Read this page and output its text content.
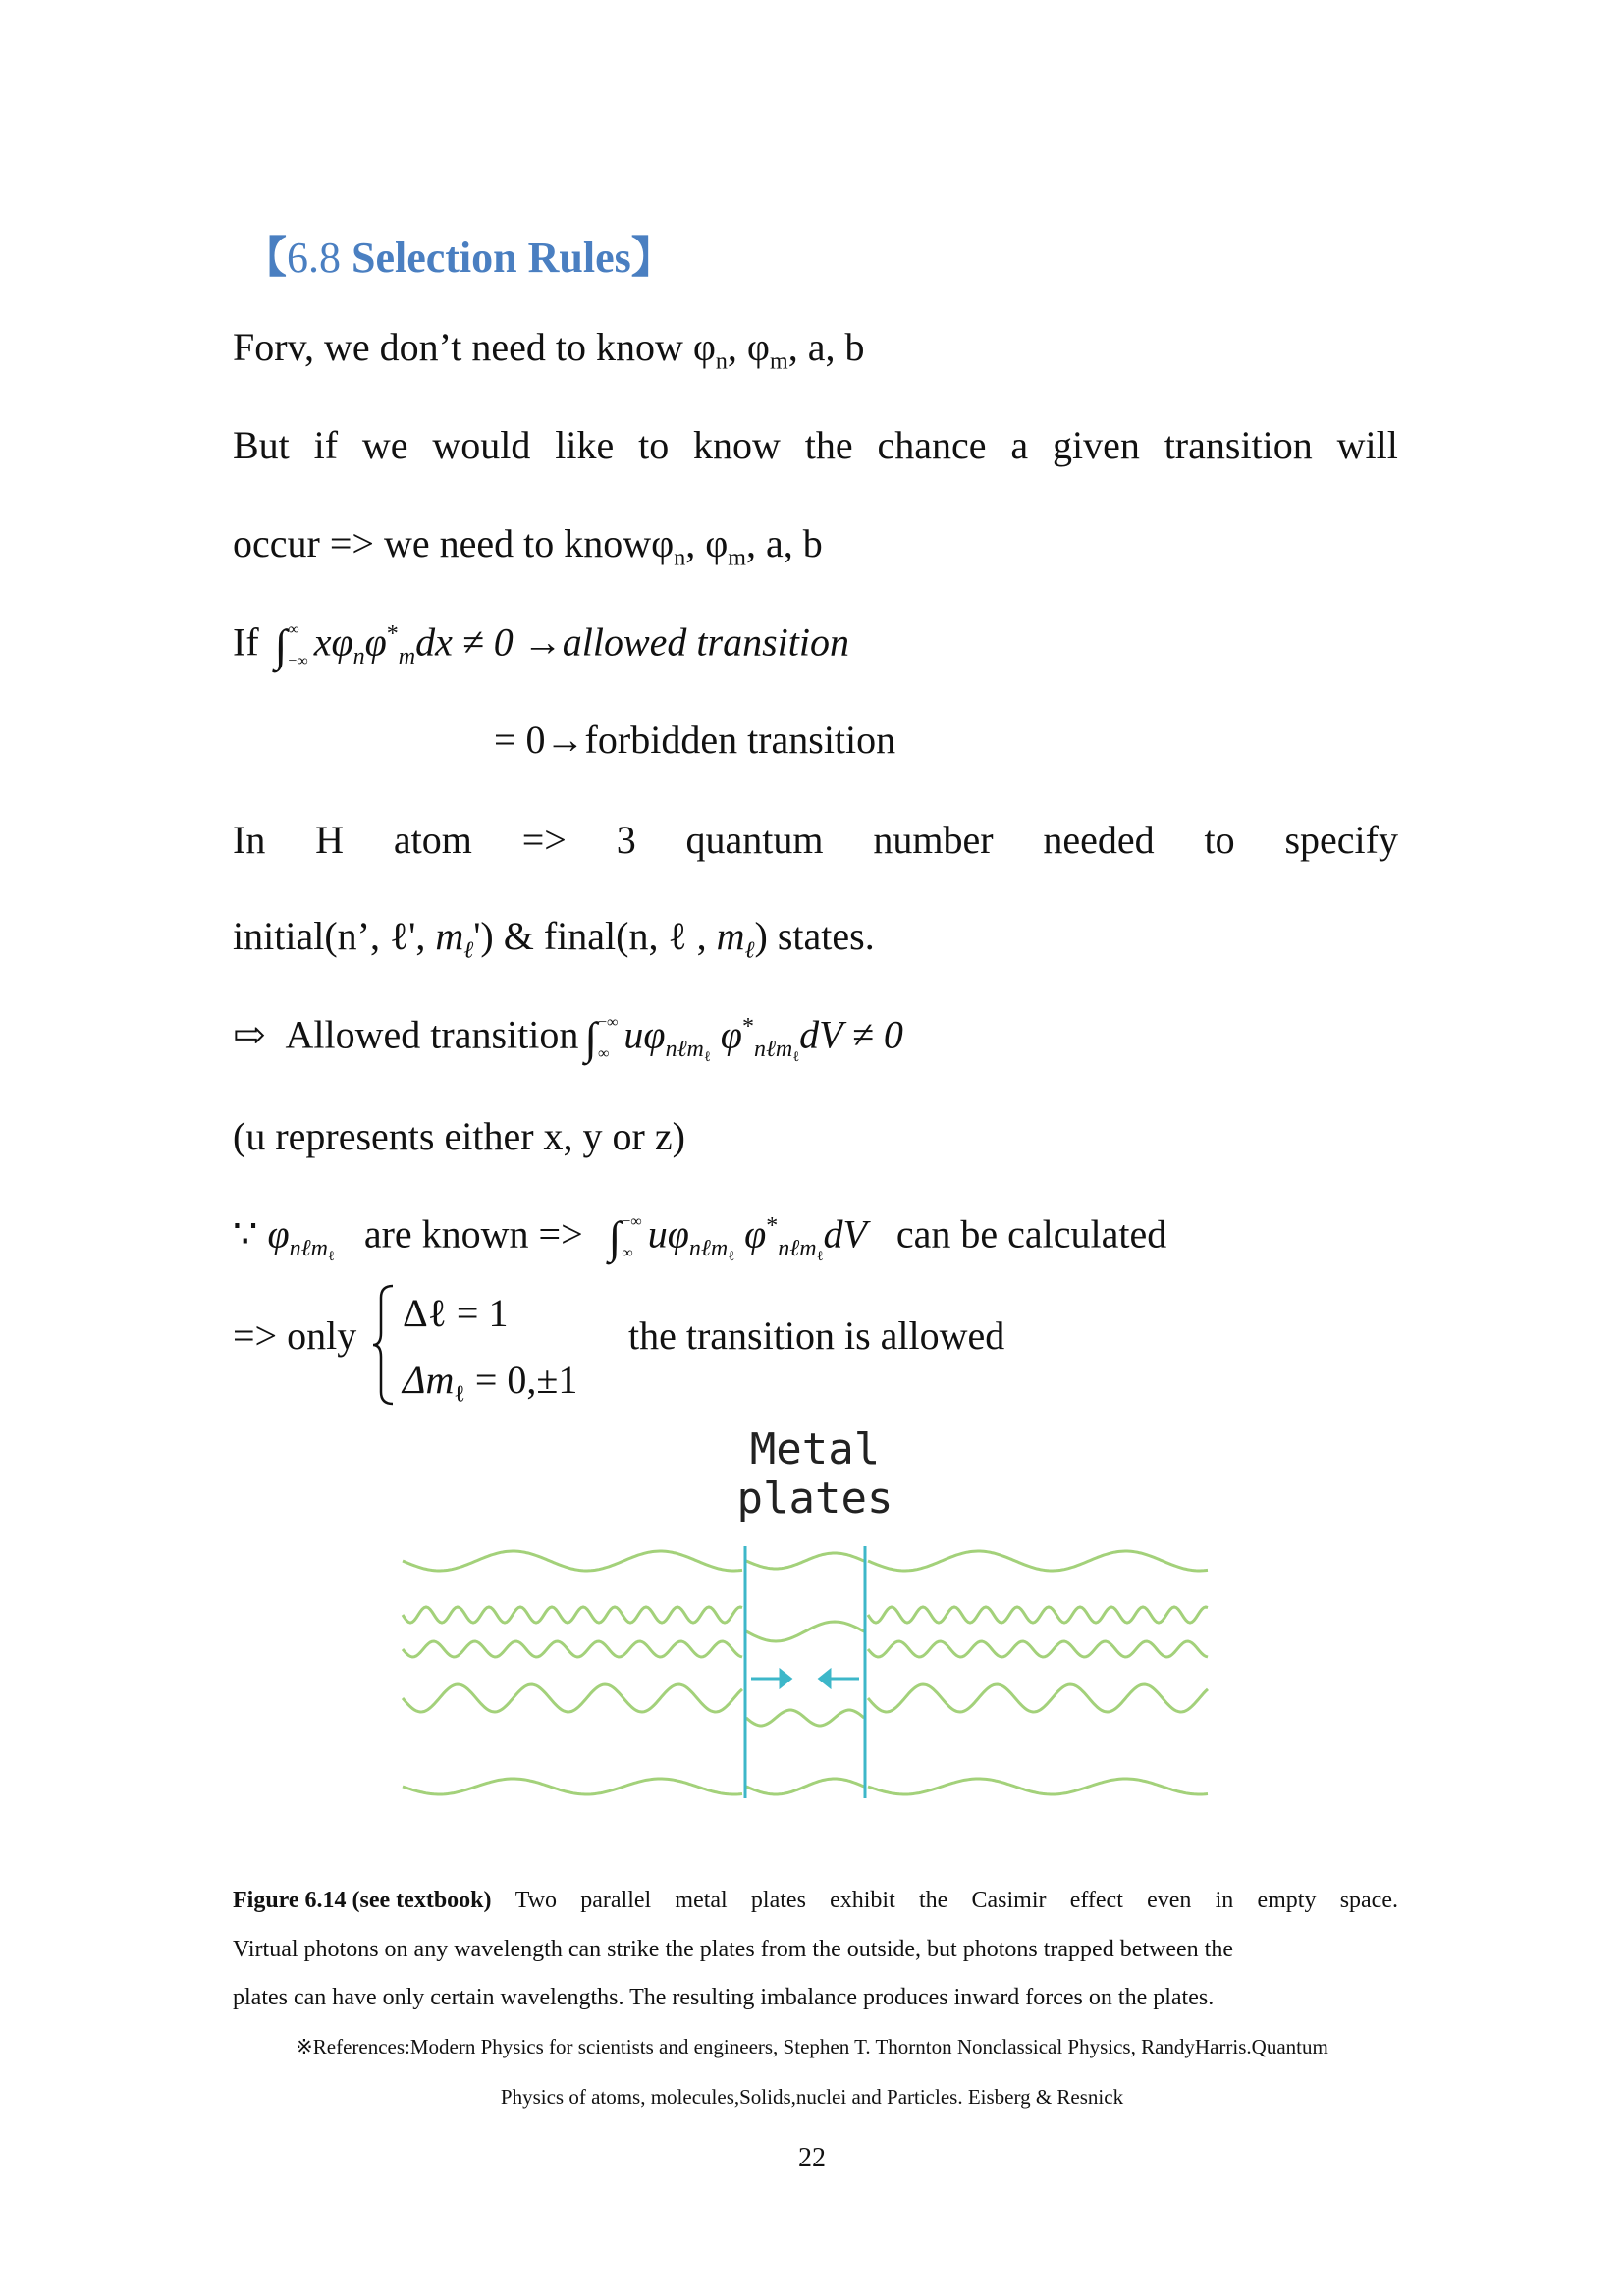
【6.8 Selection Rules】
Forv, we don’t need to know $\varphi_n$, $\varphi_m$, a, b
But if we would like to know the chance a given transition will
occur => we need to knowφ$_n$, $\varphi_m$, a, b
If ∫ ∞
−∞ $x\varphi_n\varphi^*_mdx \ne 0$ →allowed transition
= 0→forbidden transition
In H atom => 3 quantum number needed to specify
initial(n’, ℓ', $m_\ell'$) & final(n, ℓ , $m_\ell$) states.
⇨ Allowed transition ∫ −∞
∞ $u\varphi_{n\ell m_\ell}$ $\varphi^*_{n\ell m_\ell}dV \ne 0$
(u represents either x, y or z)
∵ $\varphi_{n\ell m_\ell}$   are known => ∫ −∞
∞ $u\varphi_{n\ell m_\ell}$ $\varphi^*_{n\ell m_\ell}dV$ can be calculated
=> only
Δℓ = 1
$\Delta m_\ell = 0,\pm 1$
the transition is allowed
Metal
plates
Figure 6.14 (see textbook) Two parallel metal plates exhibit the Casimir effect even in empty space.
Virtual photons on any wavelength can strike the plates from the outside, but photons trapped between the
plates can have only certain wavelengths. The resulting imbalance produces inward forces on the plates.
※References:Modern Physics for scientists and engineers, Stephen T. Thornton Nonclassical Physics, RandyHarris.Quantum
Physics of atoms, molecules,Solids,nuclei and Particles. Eisberg & Resnick
22
